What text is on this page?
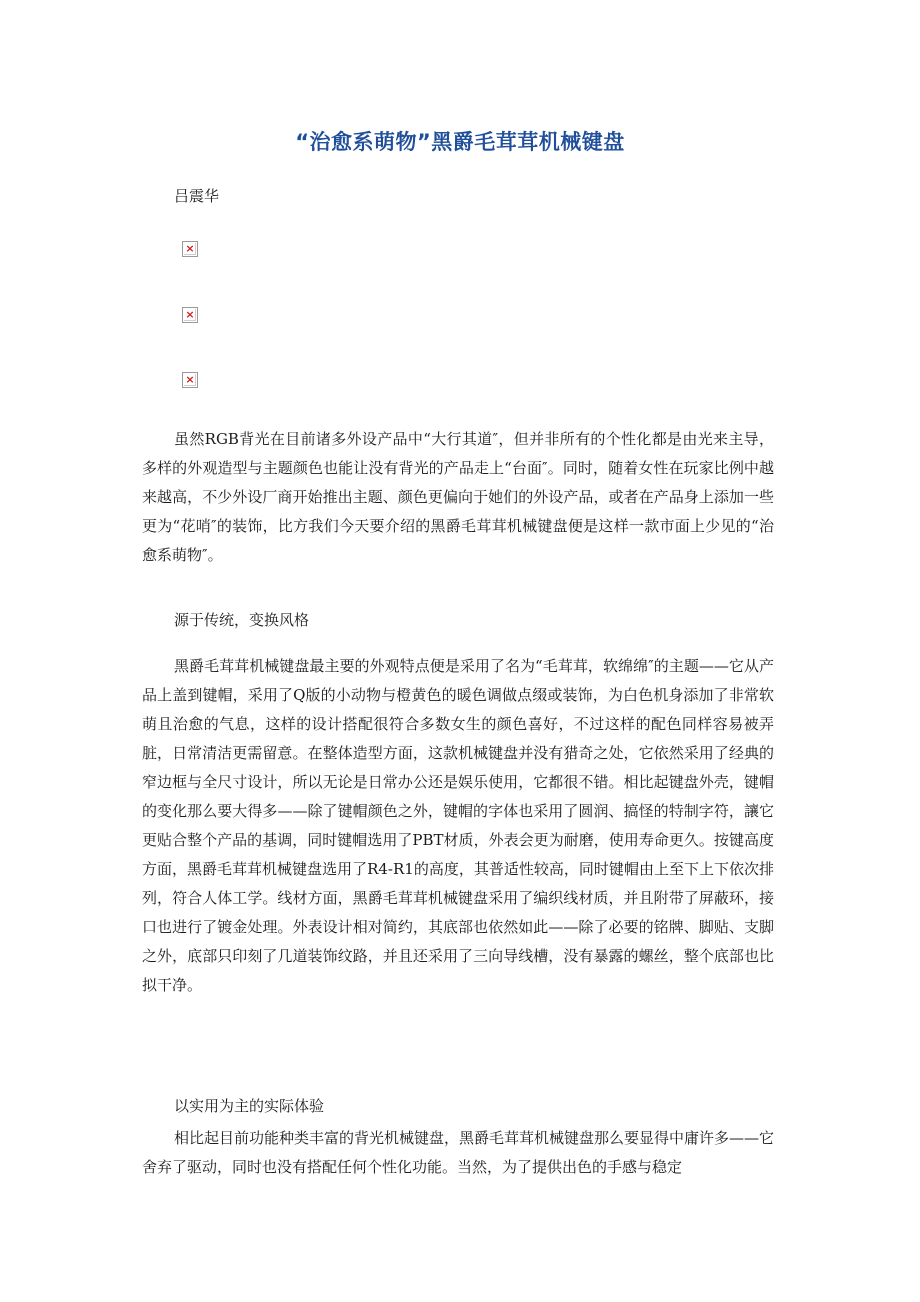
“治愈系萌物”黑爵毛茸茸机械键盘
吕震华
×
×
×

虽然RGB背光在目前诸多外设产品中“大行其道″，但并非所有的个性化都是由光来主导，多样的外观造型与主题颜色也能让没有背光的产品走上“台面″。同时，随着女性在玩家比例中越来越高，不少外设厂商开始推出主题、颜色更偏向于她们的外设产品，或者在产品身上添加一些更为“花哨″的装饰，比方我们今天要介绍的黑爵毛茸茸机械键盘便是这样一款市面上少见的“治愈系萌物″。

源于传统，变换风格

黑爵毛茸茸机械键盘最主要的外观特点便是采用了名为“毛茸茸，软绵绵″的主题——它从产品上盖到键帽，采用了Q版的小动物与橙黄色的暖色调做点缀或装饰，为白色机身添加了非常软萌且治愈的气息，这样的设计搭配很符合多数女生的颜色喜好，不过这样的配色同样容易被弄脏，日常清洁更需留意。在整体造型方面，这款机械键盘并没有猎奇之处，它依然采用了经典的窄边框与全尺寸设计，所以无论是日常办公还是娱乐使用，它都很不错。相比起键盘外壳，键帽的变化那么要大得多——除了键帽颜色之外，键帽的字体也采用了圆润、搞怪的特制字符，讓它更贴合整个产品的基调，同时键帽选用了PBT材质，外表会更为耐磨，使用寿命更久。按键高度方面，黑爵毛茸茸机械键盘选用了R4-R1的高度，其普适性较高，同时键帽由上至下上下依次排列，符合人体工学。线材方面，黑爵毛茸茸机械键盘采用了编织线材质，并且附带了屏蔽环，接口也进行了镀金处理。外表设计相对简约，其底部也依然如此——除了必要的铭牌、脚贴、支脚之外，底部只印刻了几道装饰纹路，并且还采用了三向导线槽，没有暴露的螺丝，整个底部也比拟干净。

以实用为主的实际体验

相比起目前功能种类丰富的背光机械键盘，黑爵毛茸茸机械键盘那么要显得中庸许多——它舍弃了驱动，同时也没有搭配任何个性化功能。当然，为了提供出色的手感与稳定
